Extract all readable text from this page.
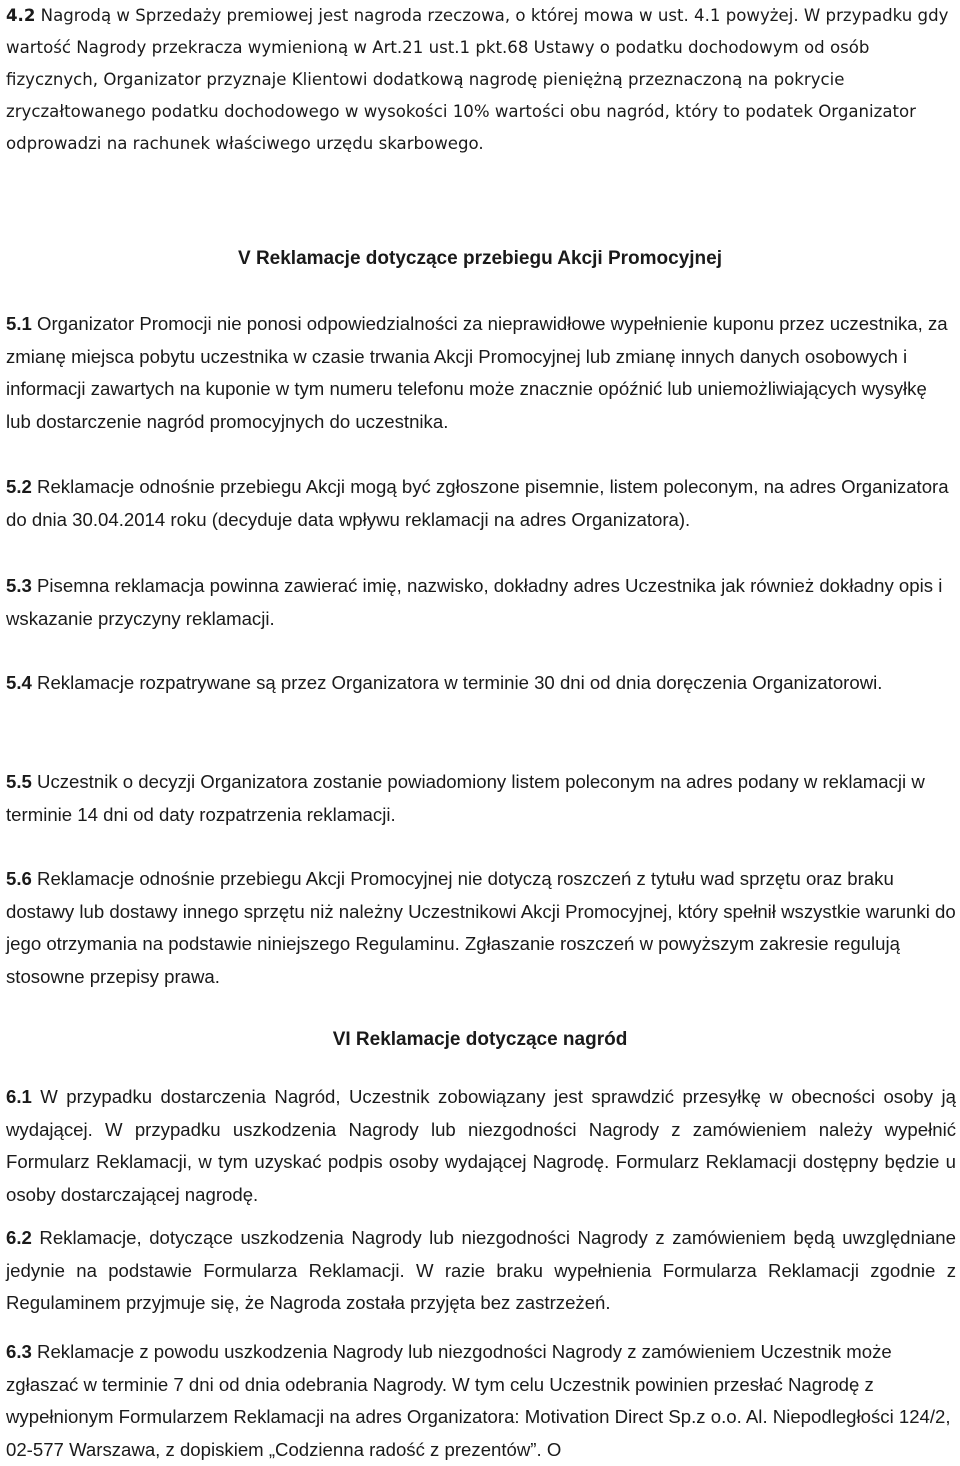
4.2 Nagrodą w Sprzedaży premiowej jest nagroda rzeczowa, o której mowa w ust. 4.1 powyżej. W przypadku gdy wartość Nagrody przekracza wymienioną w Art.21 ust.1 pkt.68 Ustawy o podatku dochodowym od osób fizycznych, Organizator przyznaje Klientowi dodatkową nagrodę pieniężną przeznaczoną na pokrycie zryczałtowanego podatku dochodowego w wysokości 10% wartości obu nagród, który to podatek Organizator odprowadzi na rachunek właściwego urzędu skarbowego.

V Reklamacje dotyczące przebiegu Akcji Promocyjnej

5.1 Organizator Promocji nie ponosi odpowiedzialności za nieprawidłowe wypełnienie kuponu przez uczestnika, za zmianę miejsca pobytu uczestnika w czasie trwania Akcji Promocyjnej lub zmianę innych danych osobowych i informacji zawartych na kuponie w tym numeru telefonu może znacznie opóźnić lub uniemożliwiających wysyłkę lub dostarczenie nagród promocyjnych do uczestnika.

5.2 Reklamacje odnośnie przebiegu Akcji mogą być zgłoszone pisemnie, listem poleconym, na adres Organizatora do dnia 30.04.2014 roku (decyduje data wpływu reklamacji na adres Organizatora).

5.3 Pisemna reklamacja powinna zawierać imię, nazwisko, dokładny adres Uczestnika jak również dokładny opis i wskazanie przyczyny reklamacji.

5.4 Reklamacje rozpatrywane są przez Organizatora w terminie 30 dni od dnia doręczenia Organizatorowi.

5.5 Uczestnik o decyzji Organizatora zostanie powiadomiony listem poleconym na adres podany w reklamacji w terminie 14 dni od daty rozpatrzenia reklamacji.

5.6 Reklamacje odnośnie przebiegu Akcji Promocyjnej nie dotyczą roszczeń z tytułu wad sprzętu oraz braku dostawy lub dostawy innego sprzętu niż należny Uczestnikowi Akcji Promocyjnej, który spełnił wszystkie warunki do jego otrzymania na podstawie niniejszego Regulaminu. Zgłaszanie roszczeń w powyższym zakresie regulują stosowne przepisy prawa.

VI Reklamacje dotyczące nagród

6.1 W przypadku dostarczenia Nagród, Uczestnik zobowiązany jest sprawdzić przesyłkę w obecności osoby ją wydającej. W przypadku uszkodzenia Nagrody lub niezgodności Nagrody z zamówieniem należy wypełnić Formularz Reklamacji, w tym uzyskać podpis osoby wydającej Nagrodę. Formularz Reklamacji dostępny będzie u osoby dostarczającej nagrodę.

6.2 Reklamacje, dotyczące uszkodzenia Nagrody lub niezgodności Nagrody z zamówieniem będą uwzględniane jedynie na podstawie Formularza Reklamacji. W razie braku wypełnienia Formularza Reklamacji zgodnie z Regulaminem przyjmuje się, że Nagroda została przyjęta bez zastrzeżeń.

6.3 Reklamacje z powodu uszkodzenia Nagrody lub niezgodności Nagrody z zamówieniem Uczestnik może zgłaszać w terminie 7 dni od dnia odebrania Nagrody. W tym celu Uczestnik powinien przesłać Nagrodę z wypełnionym Formularzem Reklamacji na adres Organizatora: Motivation Direct Sp.z o.o. Al. Niepodległości 124/2, 02-577 Warszawa, z dopiskiem „Codzienna radość z prezentów”. O
